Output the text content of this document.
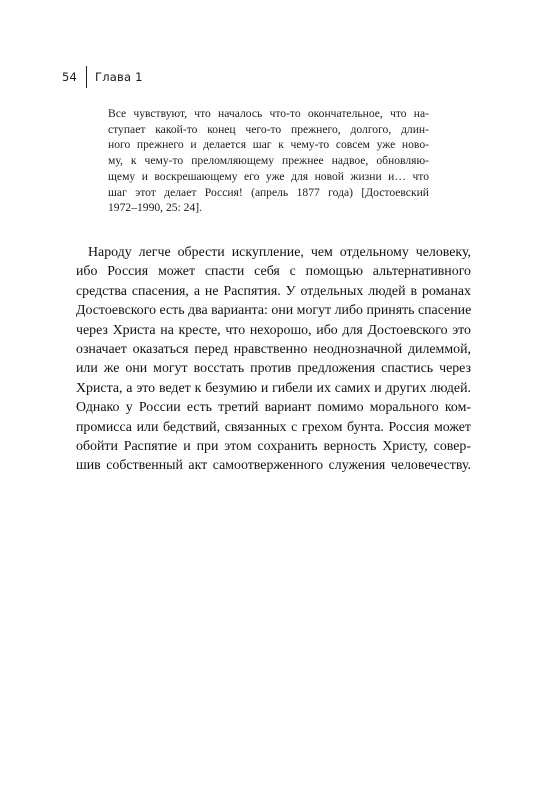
54 Глава 1
Все чувствуют, что началось что-то окончательное, что на-
ступает какой-то конец чего-то прежнего, долгого, длин-
ного прежнего и делается шаг к чему-то совсем уже ново-
му, к чему-то преломляющему прежнее надвое, обновляю-
щему и воскрешающему его уже для новой жизни и… что
шаг этот делает Россия! (апрель 1877 года) [Достоевский
1972–1990, 25: 24].
Народу легче обрести искупление, чем отдельному человеку,
ибо Россия может спасти себя с помощью альтернативного
средства спасения, а не Распятия. У отдельных людей в романах
Достоевского есть два варианта: они могут либо принять спасение
через Христа на кресте, что нехорошо, ибо для Достоевского это
означает оказаться перед нравственно неоднозначной дилеммой,
или же они могут восстать против предложения спастись через
Христа, а это ведет к безумию и гибели их самих и других людей.
Однако у России есть третий вариант помимо морального ком-
промисса или бедствий, связанных с грехом бунта. Россия может
обойти Распятие и при этом сохранить верность Христу, совер-
шив собственный акт самоотверженного служения человечеству.
